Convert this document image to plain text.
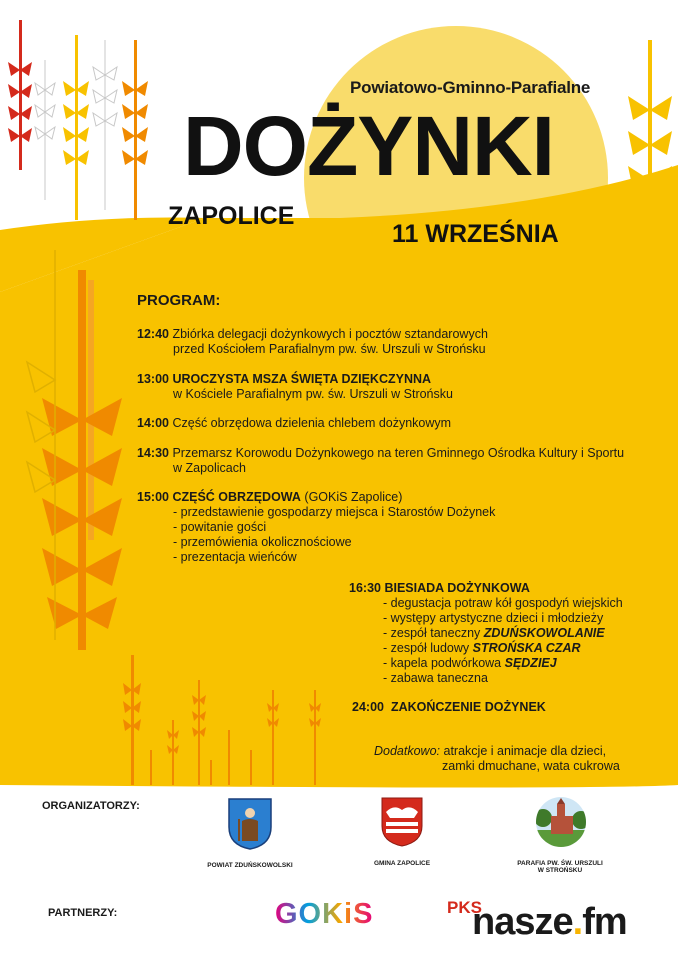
Powiatowo-Gminno-Parafialne
DOŻYNKI
ZAPOLICE
11 WRZEŚNIA
PROGRAM:
12:40 Zbiórka delegacji dożynkowych i pocztów sztandarowych
przed Kościołem Parafialnym pw. św. Urszuli w Strońsku
13:00 UROCZYSTA MSZA ŚWIĘTA DZIĘKCZYNNA
w Kościele Parafialnym pw. św. Urszuli w Strońsku
14:00 Część obrzędowa dzielenia chlebem dożynkowym
14:30 Przemarsz Korowodu Dożynkowego na teren Gminnego Ośrodka Kultury i Sportu
w Zapolicach
15:00 CZĘŚĆ OBRZĘDOWA (GOKiS Zapolice)
- przedstawienie gospodarzy miejsca i Starostów Dożynek
- powitanie gości
- przemówienia okolicznościowe
- prezentacja wieńców
16:30 BIESIADA DOŻYNKOWA
- degustacja potraw kół gospodyń wiejskich
- występy artystyczne dzieci i młodzieży
- zespół taneczny ZDUŃSKOWOLANIE
- zespół ludowy STROŃSKA CZAR
- kapela podwórkowa SĘDZIEJ
- zabawa taneczna
24:00 ZAKOŃCZENIE DOŻYNEK
Dodatkowo: atrakcje i animacje dla dzieci,
zamki dmuchane, wata cukrowa
ORGANIZATORZY:
PARTNERZY:
POWIAT ZDUŃSKOWOLSKI	GMINA ZAPOLICE	PARAFIA PW. ŚW. URSZULI
W STROŃSKU
GOKiS	PKS
nasze.fm
